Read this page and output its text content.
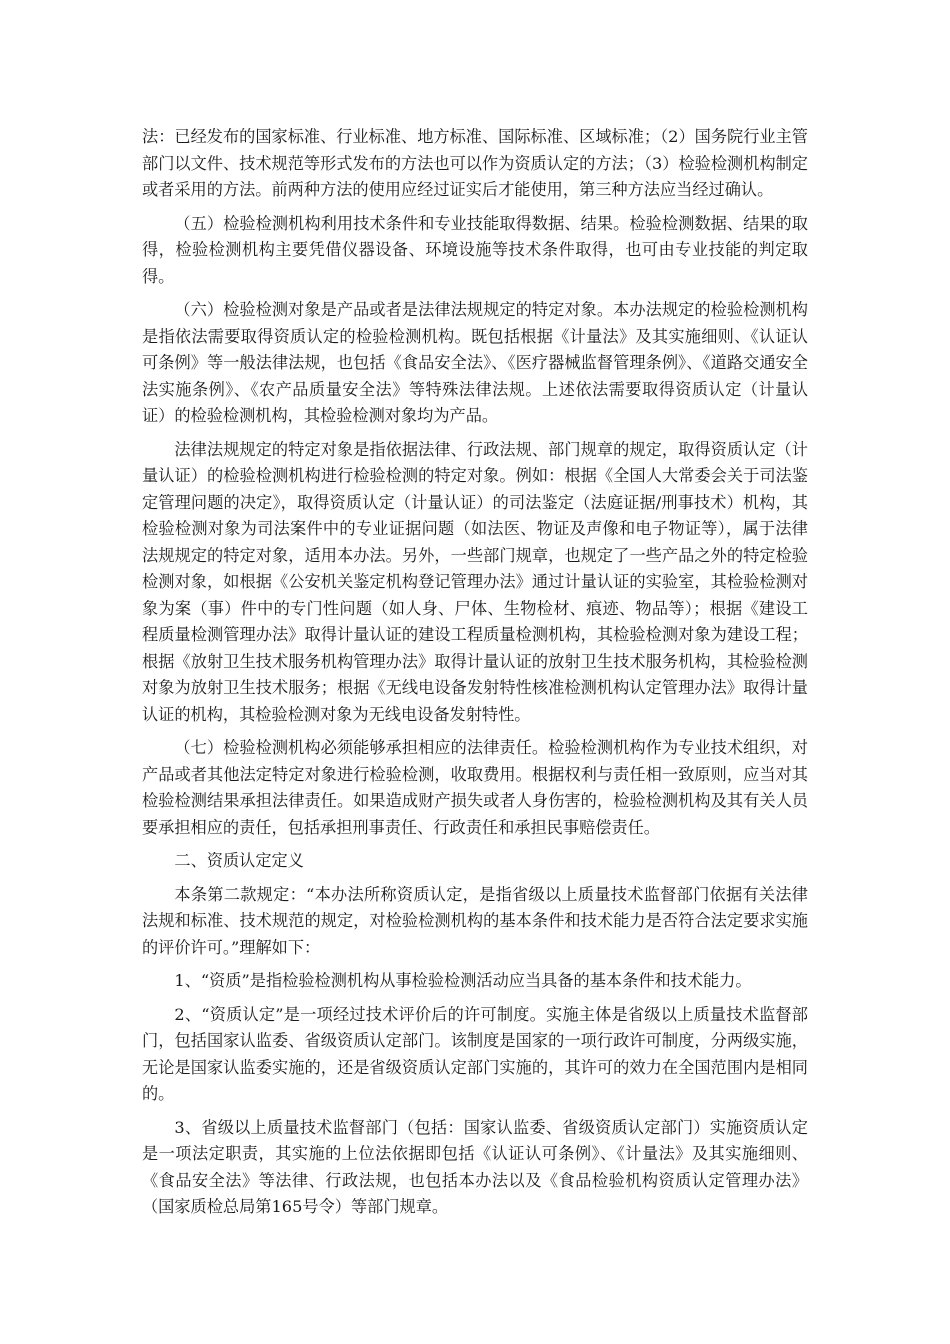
法：已经发布的国家标准、行业标准、地方标准、国际标准、区域标准；（2）国务院行业主管部门以文件、技术规范等形式发布的方法也可以作为资质认定的方法；（3）检验检测机构制定或者采用的方法。前两种方法的使用应经过证实后才能使用，第三种方法应当经过确认。

（五）检验检测机构利用技术条件和专业技能取得数据、结果。检验检测数据、结果的取得，检验检测机构主要凭借仪器设备、环境设施等技术条件取得，也可由专业技能的判定取得。

（六）检验检测对象是产品或者是法律法规规定的特定对象。本办法规定的检验检测机构是指依法需要取得资质认定的检验检测机构。既包括根据《计量法》及其实施细则、《认证认可条例》等一般法律法规，也包括《食品安全法》、《医疗器械监督管理条例》、《道路交通安全法实施条例》、《农产品质量安全法》等特殊法律法规。上述依法需要取得资质认定（计量认证）的检验检测机构，其检验检测对象均为产品。

法律法规规定的特定对象是指依据法律、行政法规、部门规章的规定，取得资质认定（计量认证）的检验检测机构进行检验检测的特定对象。例如：根据《全国人大常委会关于司法鉴定管理问题的决定》，取得资质认定（计量认证）的司法鉴定（法庭证据/刑事技术）机构，其检验检测对象为司法案件中的专业证据问题（如法医、物证及声像和电子物证等），属于法律法规规定的特定对象，适用本办法。另外，一些部门规章，也规定了一些产品之外的特定检验检测对象，如根据《公安机关鉴定机构登记管理办法》通过计量认证的实验室，其检验检测对象为案（事）件中的专门性问题（如人身、尸体、生物检材、痕迹、物品等）；根据《建设工程质量检测管理办法》取得计量认证的建设工程质量检测机构，其检验检测对象为建设工程；根据《放射卫生技术服务机构管理办法》取得计量认证的放射卫生技术服务机构，其检验检测对象为放射卫生技术服务；根据《无线电设备发射特性核准检测机构认定管理办法》取得计量认证的机构，其检验检测对象为无线电设备发射特性。

（七）检验检测机构必须能够承担相应的法律责任。检验检测机构作为专业技术组织，对产品或者其他法定特定对象进行检验检测，收取费用。根据权利与责任相一致原则，应当对其检验检测结果承担法律责任。如果造成财产损失或者人身伤害的，检验检测机构及其有关人员要承担相应的责任，包括承担刑事责任、行政责任和承担民事赔偿责任。

二、资质认定定义

本条第二款规定：“本办法所称资质认定，是指省级以上质量技术监督部门依据有关法律法规和标准、技术规范的规定，对检验检测机构的基本条件和技术能力是否符合法定要求实施的评价许可。”理解如下：

1、“资质”是指检验检测机构从事检验检测活动应当具备的基本条件和技术能力。

2、“资质认定”是一项经过技术评价后的许可制度。实施主体是省级以上质量技术监督部门，包括国家认监委、省级资质认定部门。该制度是国家的一项行政许可制度，分两级实施，无论是国家认监委实施的，还是省级资质认定部门实施的，其许可的效力在全国范围内是相同的。

3、省级以上质量技术监督部门（包括：国家认监委、省级资质认定部门）实施资质认定是一项法定职责，其实施的上位法依据即包括《认证认可条例》、《计量法》及其实施细则、《食品安全法》等法律、行政法规，也包括本办法以及《食品检验机构资质认定管理办法》（国家质检总局第165号令）等部门规章。
